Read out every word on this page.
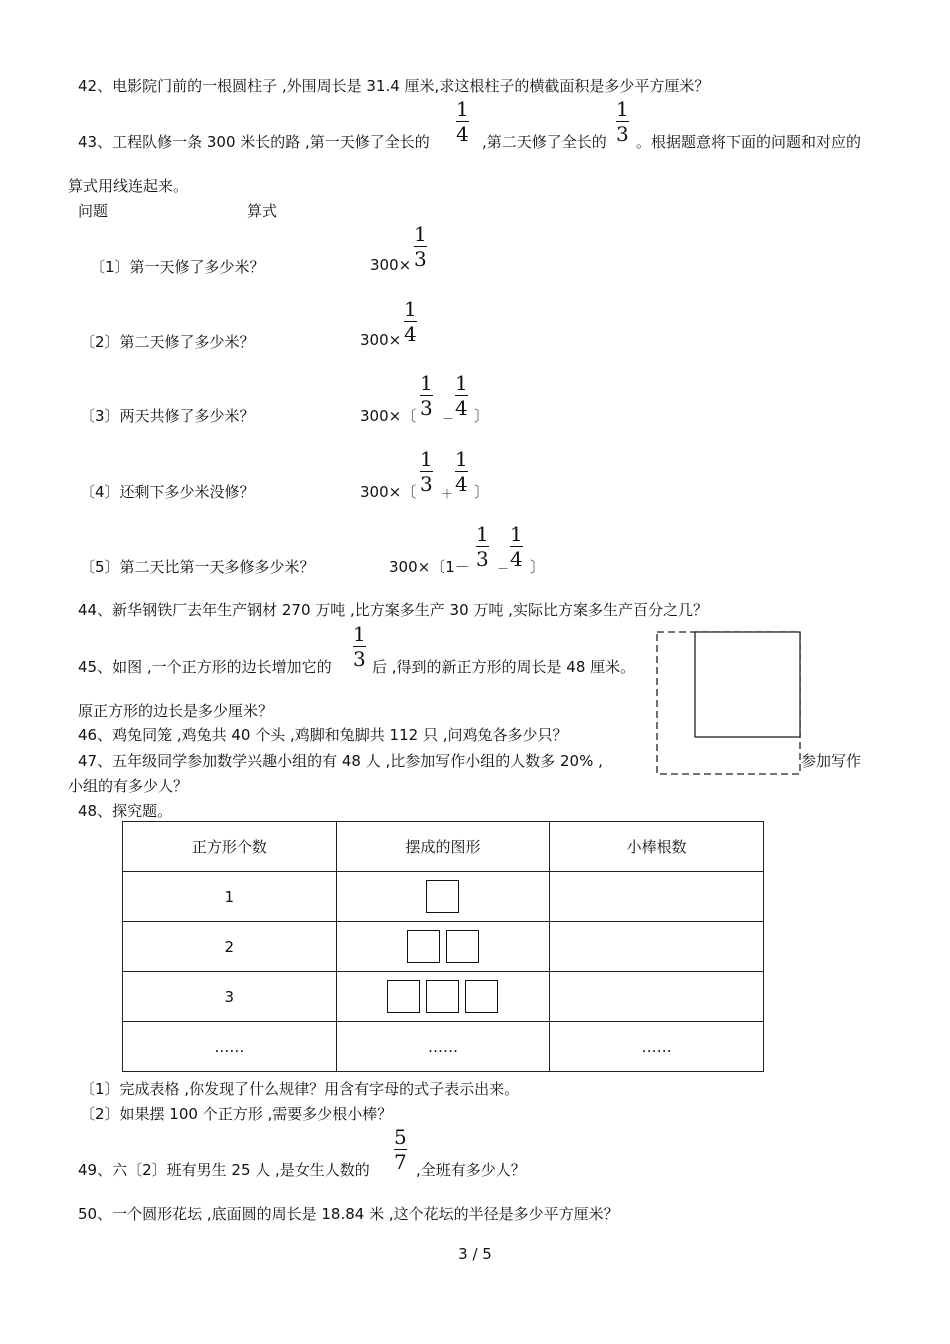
42、电影院门前的一根圆柱子 ,外围周长是 31.4 厘米,求这根柱子的横截面积是多少平方厘米？
43、工程队修一条 300 米长的路 ,第一天修了全长的
1
4 ,第二天修了全长的
1
3 。根据题意将下面的问题和对应的
算式用线连起来。
问题	算式
〔1〕第一天修了多少米？	300×
1
3
〔2〕第二天修了多少米？	300×
1
4
〔3〕两天共修了多少米？	300×〔
1
3 －
1
4 〕
〔4〕还剩下多少米没修？	300×〔
1
3 ＋
1
4 〕
〔5〕第二天比第一天多修多少米？	300×〔1－
1
3 －
1
4 〕
44、新华钢铁厂去年生产钢材 270 万吨 ,比方案多生产 30 万吨 ,实际比方案多生产百分之几？
45、如图 ,一个正方形的边长增加它的
1
3 后 ,得到的新正方形的周长是 48 厘米。
原正方形的边长是多少厘米？
46、鸡兔同笼 ,鸡兔共 40 个头 ,鸡脚和兔脚共 112 只 ,问鸡兔各多少只？
47、五年级同学参加数学兴趣小组的有 48 人 ,比参加写作小组的人数多 20% ,	参加写作
小组的有多少人？
48、探究题。
正方形个数	摆成的图形	小棒根数
1		
2		
3		
……	……	……
〔1〕完成表格 ,你发现了什么规律？用含有字母的式子表示出来。
〔2〕如果摆 100 个正方形 ,需要多少根小棒？
49、六〔2〕班有男生 25 人 ,是女生人数的
5
7 ,全班有多少人？
50、一个圆形花坛 ,底面圆的周长是 18.84 米 ,这个花坛的半径是多少平方厘米？
3 / 5
